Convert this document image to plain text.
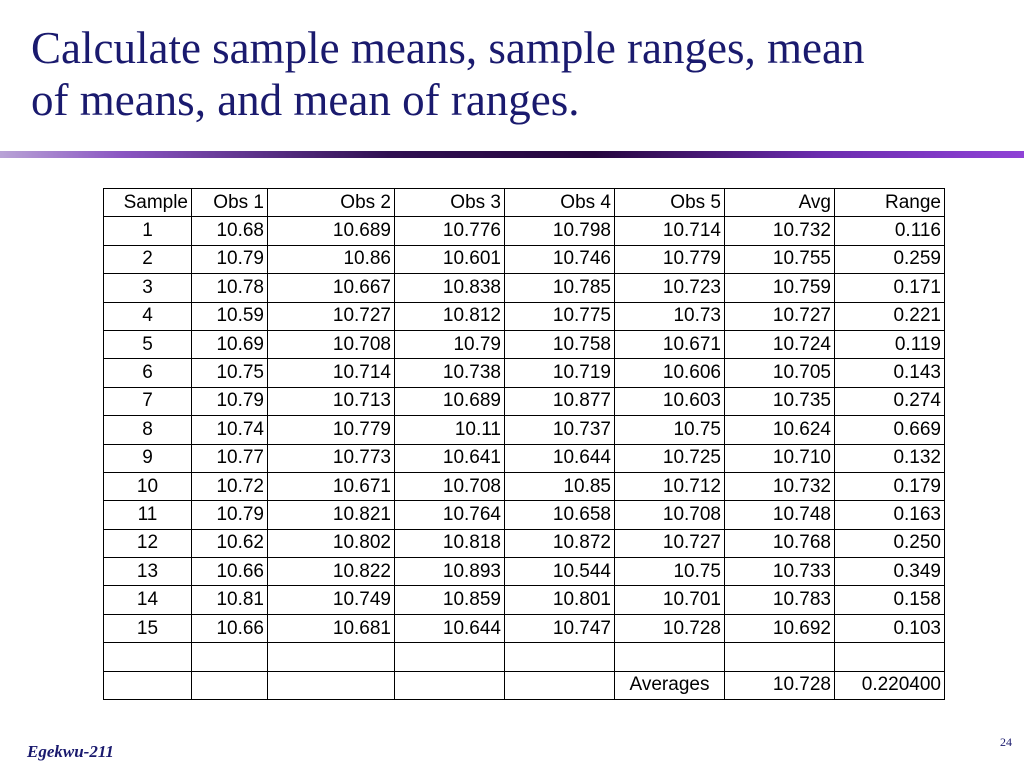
Calculate sample means, sample ranges, mean
of means, and mean of ranges.
Sample	Obs 1	Obs 2	Obs 3	Obs 4	Obs 5	Avg	Range
1	10.68	10.689	10.776	10.798	10.714	10.732	0.116
2	10.79	10.86	10.601	10.746	10.779	10.755	0.259
3	10.78	10.667	10.838	10.785	10.723	10.759	0.171
4	10.59	10.727	10.812	10.775	10.73	10.727	0.221
5	10.69	10.708	10.79	10.758	10.671	10.724	0.119
6	10.75	10.714	10.738	10.719	10.606	10.705	0.143
7	10.79	10.713	10.689	10.877	10.603	10.735	0.274
8	10.74	10.779	10.11	10.737	10.75	10.624	0.669
9	10.77	10.773	10.641	10.644	10.725	10.710	0.132
10	10.72	10.671	10.708	10.85	10.712	10.732	0.179
11	10.79	10.821	10.764	10.658	10.708	10.748	0.163
12	10.62	10.802	10.818	10.872	10.727	10.768	0.250
13	10.66	10.822	10.893	10.544	10.75	10.733	0.349
14	10.81	10.749	10.859	10.801	10.701	10.783	0.158
15	10.66	10.681	10.644	10.747	10.728	10.692	0.103

					Averages	10.728	0.220400
Egekwu-211	24
